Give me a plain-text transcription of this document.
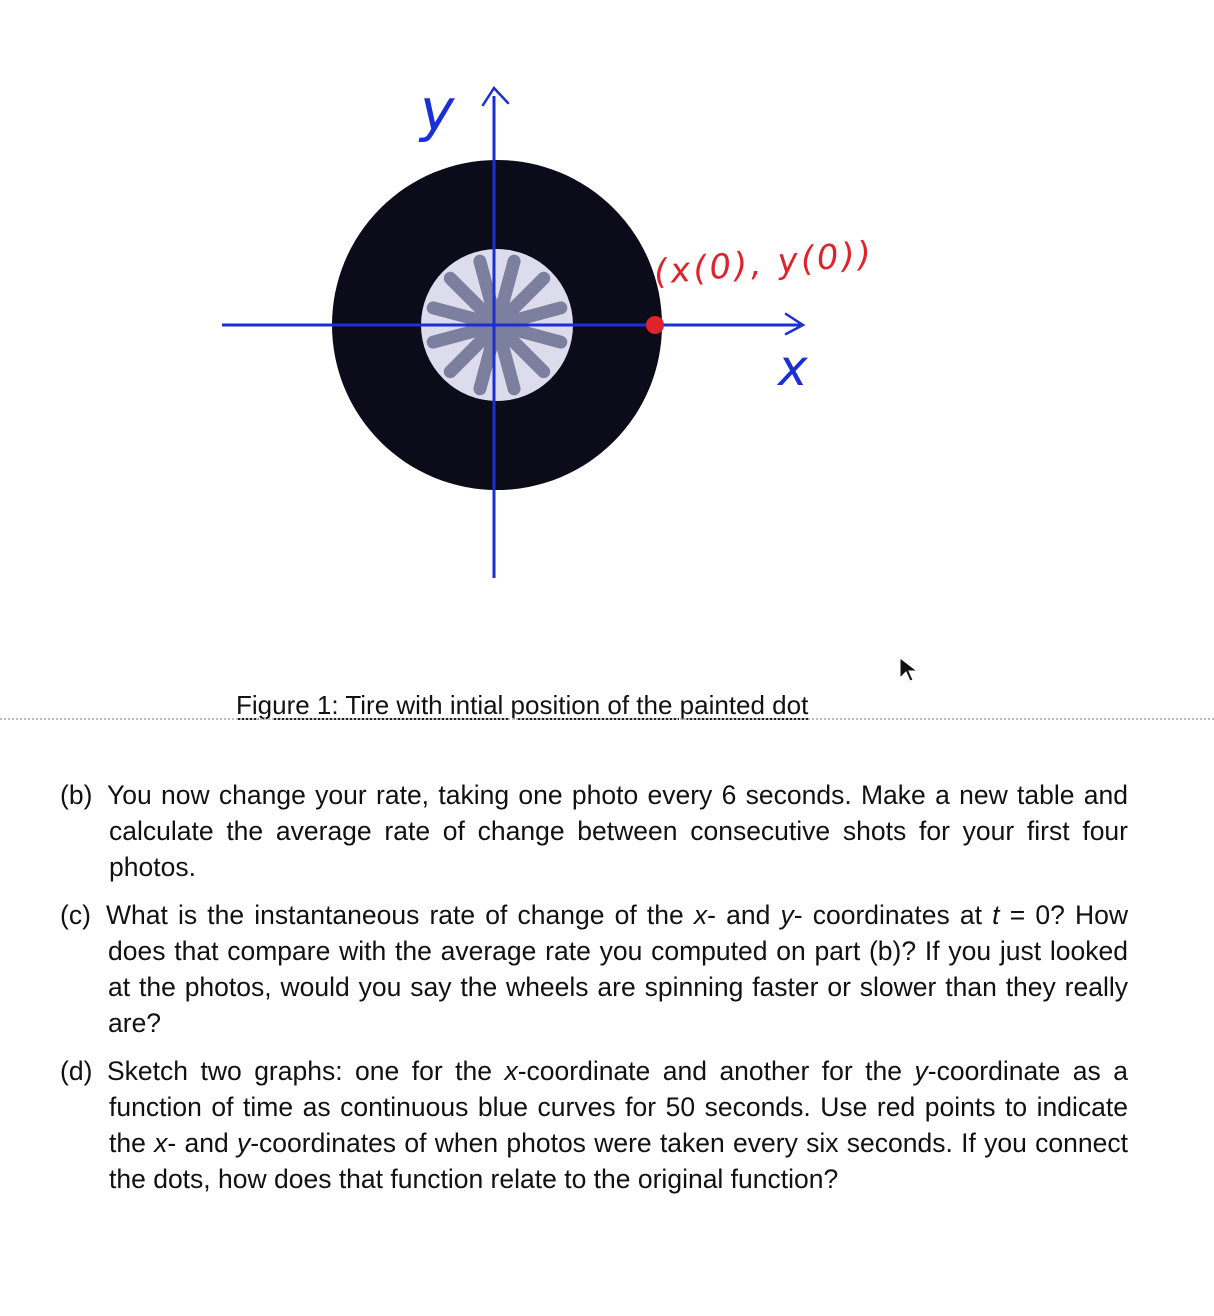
y
x
(x(0), y(0))
Figure 1: Tire with intial position of the painted dot
(b) You now change your rate, taking one photo every 6 seconds. Make a new table and calculate the average rate of change between consecutive shots for your first four photos.
(c) What is the instantaneous rate of change of the x- and y- coordinates at t = 0? How does that compare with the average rate you computed on part (b)? If you just looked at the photos, would you say the wheels are spinning faster or slower than they really are?
(d) Sketch two graphs: one for the x-coordinate and another for the y-coordinate as a function of time as continuous blue curves for 50 seconds. Use red points to indicate the x- and y-coordinates of when photos were taken every six seconds. If you connect the dots, how does that function relate to the original function?
